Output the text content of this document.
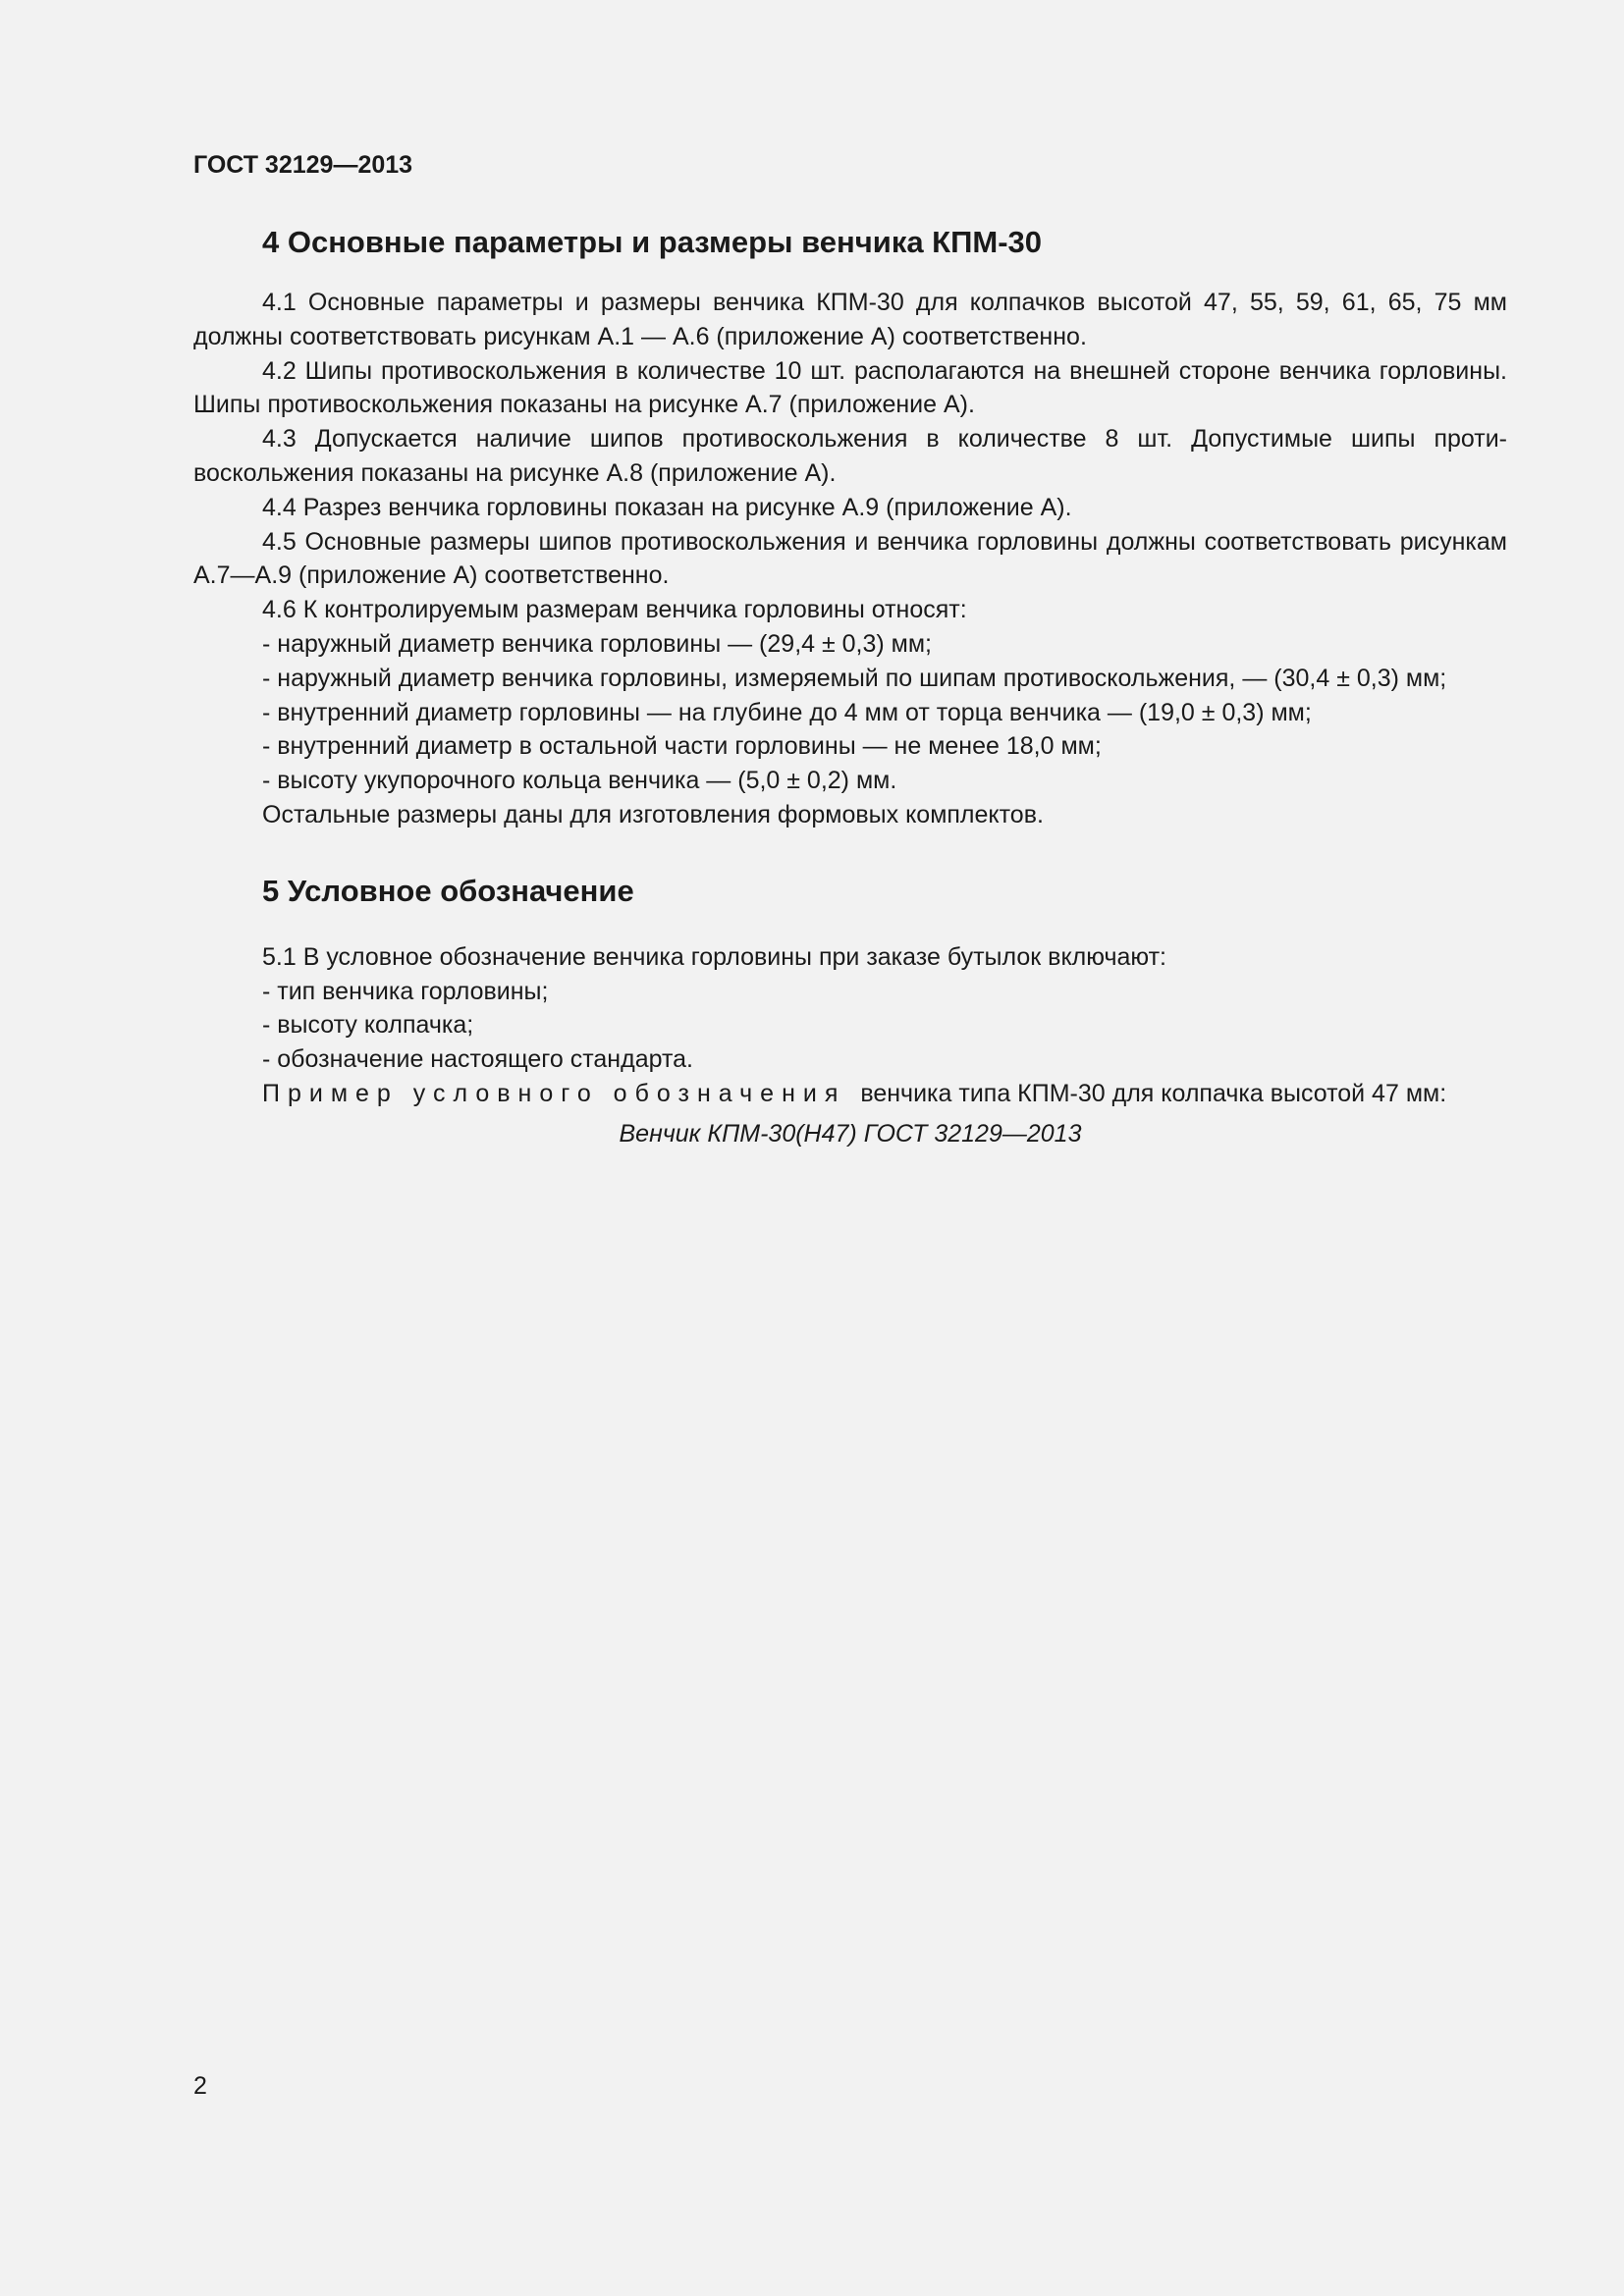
ГОСТ 32129—2013

4 Основные параметры и размеры венчика КПМ-30

4.1 Основные параметры и размеры венчика КПМ-30 для колпачков высотой 47, 55, 59, 61, 65, 75 мм должны соответствовать рисункам А.1 — А.6 (приложение А) соответственно.

4.2 Шипы противоскольжения в количестве 10 шт. располагаются на внешней стороне венчика горловины. Шипы противоскольжения показаны на рисунке А.7 (приложение А).

4.3 Допускается наличие шипов противоскольжения в количестве 8 шт. Допустимые шипы противоскольжения показаны на рисунке А.8 (приложение А).

4.4 Разрез венчика горловины показан на рисунке А.9 (приложение А).

4.5 Основные размеры шипов противоскольжения и венчика горловины должны соответствовать рисункам А.7—А.9 (приложение А) соответственно.

4.6 К контролируемым размерам венчика горловины относят:

- наружный диаметр венчика горловины — (29,4 ± 0,3) мм;

- наружный диаметр венчика горловины, измеряемый по шипам противоскольжения, — (30,4 ± 0,3) мм;

- внутренний диаметр горловины — на глубине до 4 мм от торца венчика — (19,0 ± 0,3) мм;

- внутренний диаметр в остальной части горловины — не менее 18,0 мм;

- высоту укупорочного кольца венчика — (5,0 ± 0,2) мм.

Остальные размеры даны для изготовления формовых комплектов.

5 Условное обозначение

5.1 В условное обозначение венчика горловины при заказе бутылок включают:

- тип венчика горловины;

- высоту колпачка;

- обозначение настоящего стандарта.

Пример условного обозначения венчика типа КПМ-30 для колпачка высотой 47 мм:

Венчик КПМ-30(Н47) ГОСТ 32129—2013

2
